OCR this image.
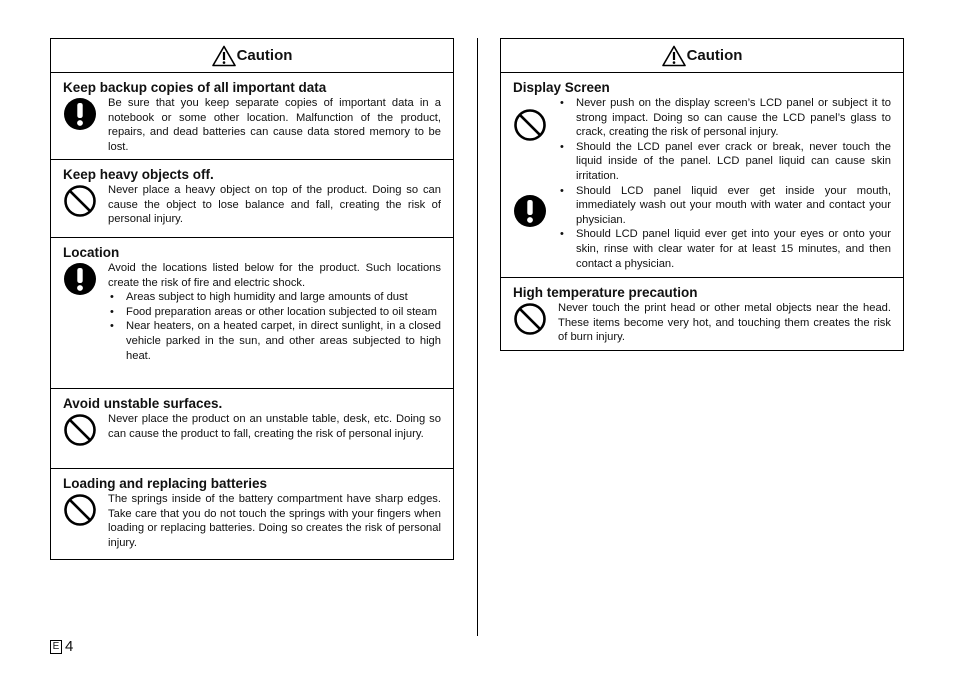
Caution
Keep backup copies of all important data

Be sure that you keep separate copies of important data in a notebook or some other location. Malfunction of the product, repairs, and dead batteries can cause data stored memory to be lost.

Keep heavy objects off.

Never place a heavy object on top of the product. Doing so can cause the object to lose balance and fall, creating the risk of personal injury.

Location

Avoid the locations listed below for the product. Such locations create the risk of fire and electric shock.

• Areas subject to high humidity and large amounts of dust
• Food preparation areas or other location subjected to oil steam
• Near heaters, on a heated carpet, in direct sunlight, in a closed vehicle parked in the sun, and other areas subjected to high heat.
Avoid unstable surfaces.

Never place the product on an unstable table, desk, etc. Doing so can cause the product to fall, creating the risk of personal injury.

Loading and replacing batteries

The springs inside of the battery compartment have sharp edges. Take care that you do not touch the springs with your fingers when loading or replacing batteries. Doing so creates the risk of personal injury.

Caution
Display Screen
• Never push on the display screen’s LCD panel or subject it to strong impact. Doing so can cause the LCD panel’s glass to crack, creating the risk of personal injury.
• Should the LCD panel ever crack or break, never touch the liquid inside of the panel. LCD panel liquid can cause skin irritation.
• Should LCD panel liquid ever get inside your mouth, immediately wash out your mouth with water and contact your physician.
• Should LCD panel liquid ever get into your eyes or onto your skin, rinse with clear water for at least 15 minutes, and then contact a physician.
High temperature precaution

Never touch the print head or other metal objects near the head. These items become very hot, and touching them creates the risk of burn injury.

E 4
